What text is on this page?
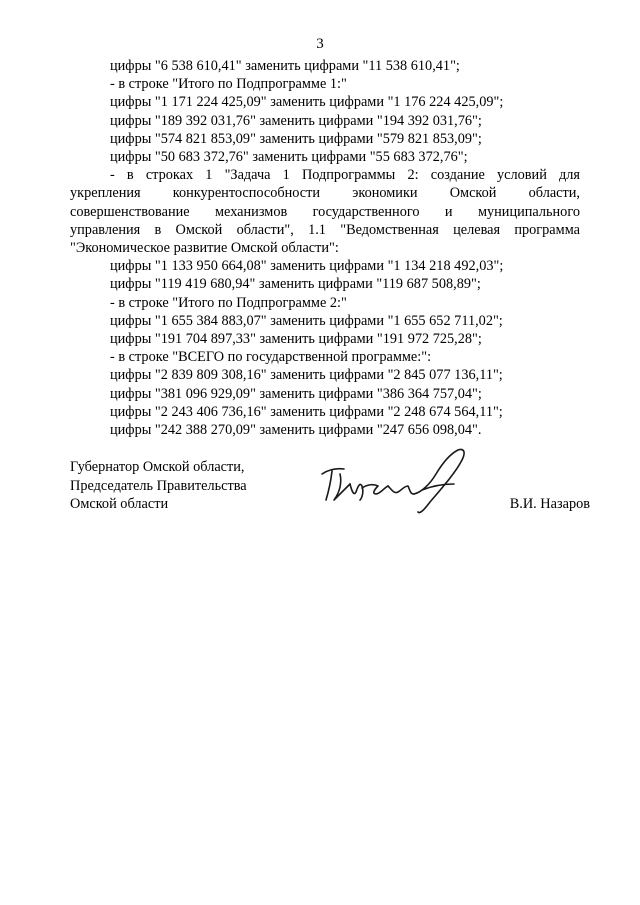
3
цифры "6 538 610,41" заменить цифрами "11 538 610,41";
- в строке "Итого по Подпрограмме 1:"
цифры "1 171 224 425,09" заменить цифрами "1 176 224 425,09";
цифры "189 392 031,76" заменить цифрами "194 392 031,76";
цифры "574 821 853,09" заменить цифрами "579 821 853,09";
цифры "50 683 372,76" заменить цифрами "55 683 372,76";
- в строках 1 "Задача 1 Подпрограммы 2: создание условий для
укрепления конкурентоспособности экономики Омской области,
совершенствование механизмов государственного и муниципального
управления в Омской области", 1.1 "Ведомственная целевая программа
"Экономическое развитие Омской области":
цифры "1 133 950 664,08" заменить цифрами "1 134 218 492,03";
цифры "119 419 680,94" заменить цифрами "119 687 508,89";
- в строке "Итого по Подпрограмме 2:"
цифры "1 655 384 883,07" заменить цифрами "1 655 652 711,02";
цифры "191 704 897,33" заменить цифрами "191 972 725,28";
- в строке "ВСЕГО по государственной программе:":
цифры "2 839 809 308,16" заменить цифрами "2 845 077 136,11";
цифры "381 096 929,09" заменить цифрами "386 364 757,04";
цифры "2 243 406 736,16" заменить цифрами "2 248 674 564,11";
цифры "242 388 270,09" заменить цифрами "247 656 098,04".
Губернатор Омской области,
Председатель Правительства
Омской области	В.И. Назаров
